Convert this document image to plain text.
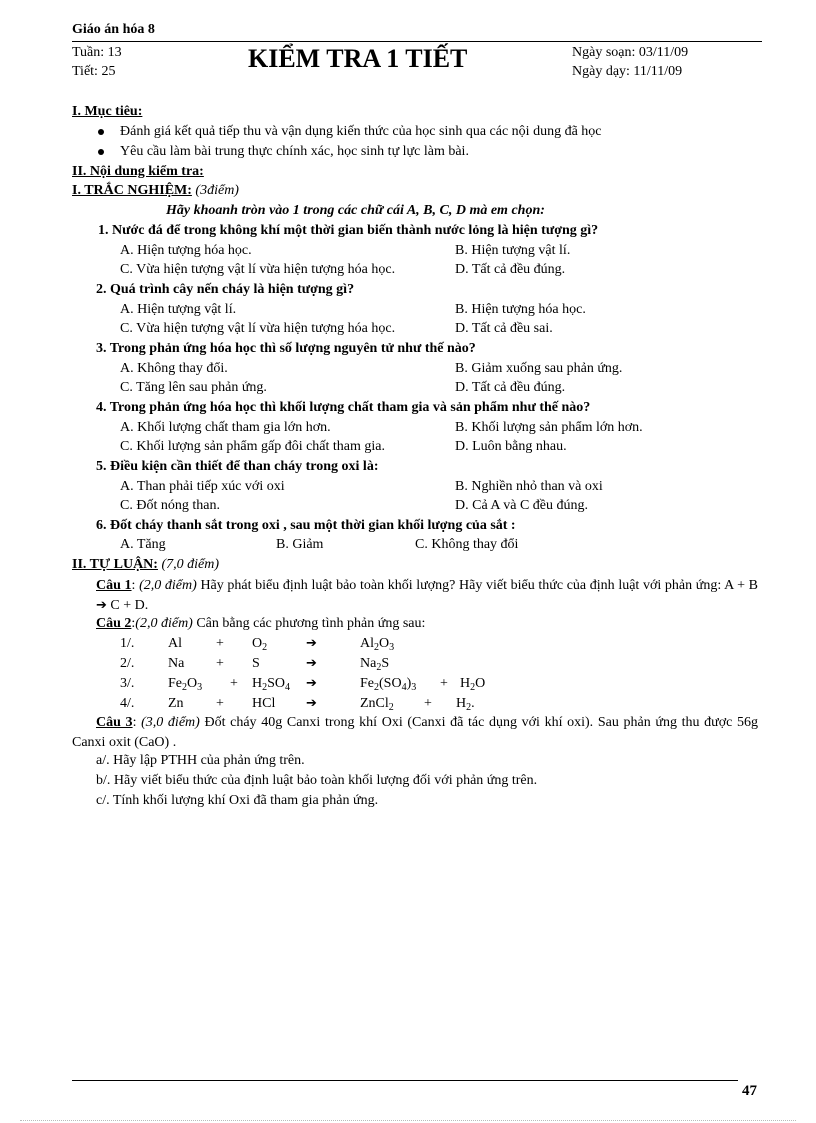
Giáo án hóa 8
Tuần: 13
Tiết: 25	KIỂM TRA 1 TIẾT	Ngày soạn: 03/11/09
Ngày dạy: 11/11/09
I. Mục tiêu:
Đánh giá kết quả tiếp thu và vận dụng kiến thức của học sinh qua các nội dung đã học
Yêu cầu làm bài trung thực chính xác, học sinh tự lực làm bài.
II. Nội dung kiểm tra:
I. TRẮC NGHIỆM: (3điểm)
Hãy khoanh tròn vào 1 trong các chữ cái A, B, C, D mà em chọn:
1. Nước đá để trong không khí một thời gian biến thành nước lỏng là hiện tượng gì?
A. Hiện tượng hóa học.	B. Hiện tượng vật lí.
C. Vừa hiện tượng vật lí vừa hiện tượng hóa học.	D. Tất cả đều đúng.
2. Quá trình cây nến cháy là hiện tượng gì?
A. Hiện tượng vật lí.	B. Hiện tượng hóa học.
C. Vừa hiện tượng vật lí vừa hiện tượng hóa học.	D. Tất cả đều sai.
3. Trong phản ứng hóa học thì số lượng nguyên tử như thế nào?
A. Không thay đổi.	B. Giảm xuống sau phản ứng.
C. Tăng lên sau phản ứng.	D. Tất cả đều đúng.
4. Trong phản ứng hóa học thì khối lượng chất tham gia và sản phẩm như thế nào?
A. Khối lượng chất tham gia lớn hơn.	B. Khối lượng sản phẩm lớn hơn.
C. Khối lượng sản phẩm gấp đôi chất tham gia.	D. Luôn bằng nhau.
5. Điều kiện cần thiết để than cháy trong oxi là:
A. Than phải tiếp xúc với oxi	B. Nghiền nhỏ than và oxi
C. Đốt nóng than.	D. Cả A và C đều đúng.
6. Đốt cháy thanh sắt trong oxi , sau một thời gian khối lượng của sắt :
A. Tăng	B. Giảm	C. Không thay đổi
II. TỰ LUẬN: (7,0 điểm)
Câu 1: (2,0 điểm) Hãy phát biểu định luật bảo toàn khối lượng? Hãy viết biểu thức của định luật với phản ứng: A + B ➔ C + D.
Câu 2:(2,0 điểm) Cân bằng các phương tình phản ứng sau:
1/. $Al + O_2$	➔	$Al_2O_3$
2/. Na + S	➔	$Na_2S$
3/. $Fe_2O_3 + H_2SO_4$ ➔	$Fe_2(SO_4)_3 + H_2O$
4/. Zn + HCl ➔	ZnCl$_2$ + $H_2$.
Câu 3: (3,0 điểm) Đốt cháy 40g Canxi trong khí Oxi (Canxi đã tác dụng với khí oxi). Sau phản ứng thu được 56g Canxi oxit (CaO) .
a/. Hãy lập PTHH của phản ứng trên.
b/. Hãy viết biểu thức của định luật bảo toàn khối lượng đối với phản ứng trên.
c/. Tính khối lượng khí Oxi đã tham gia phản ứng.
47
